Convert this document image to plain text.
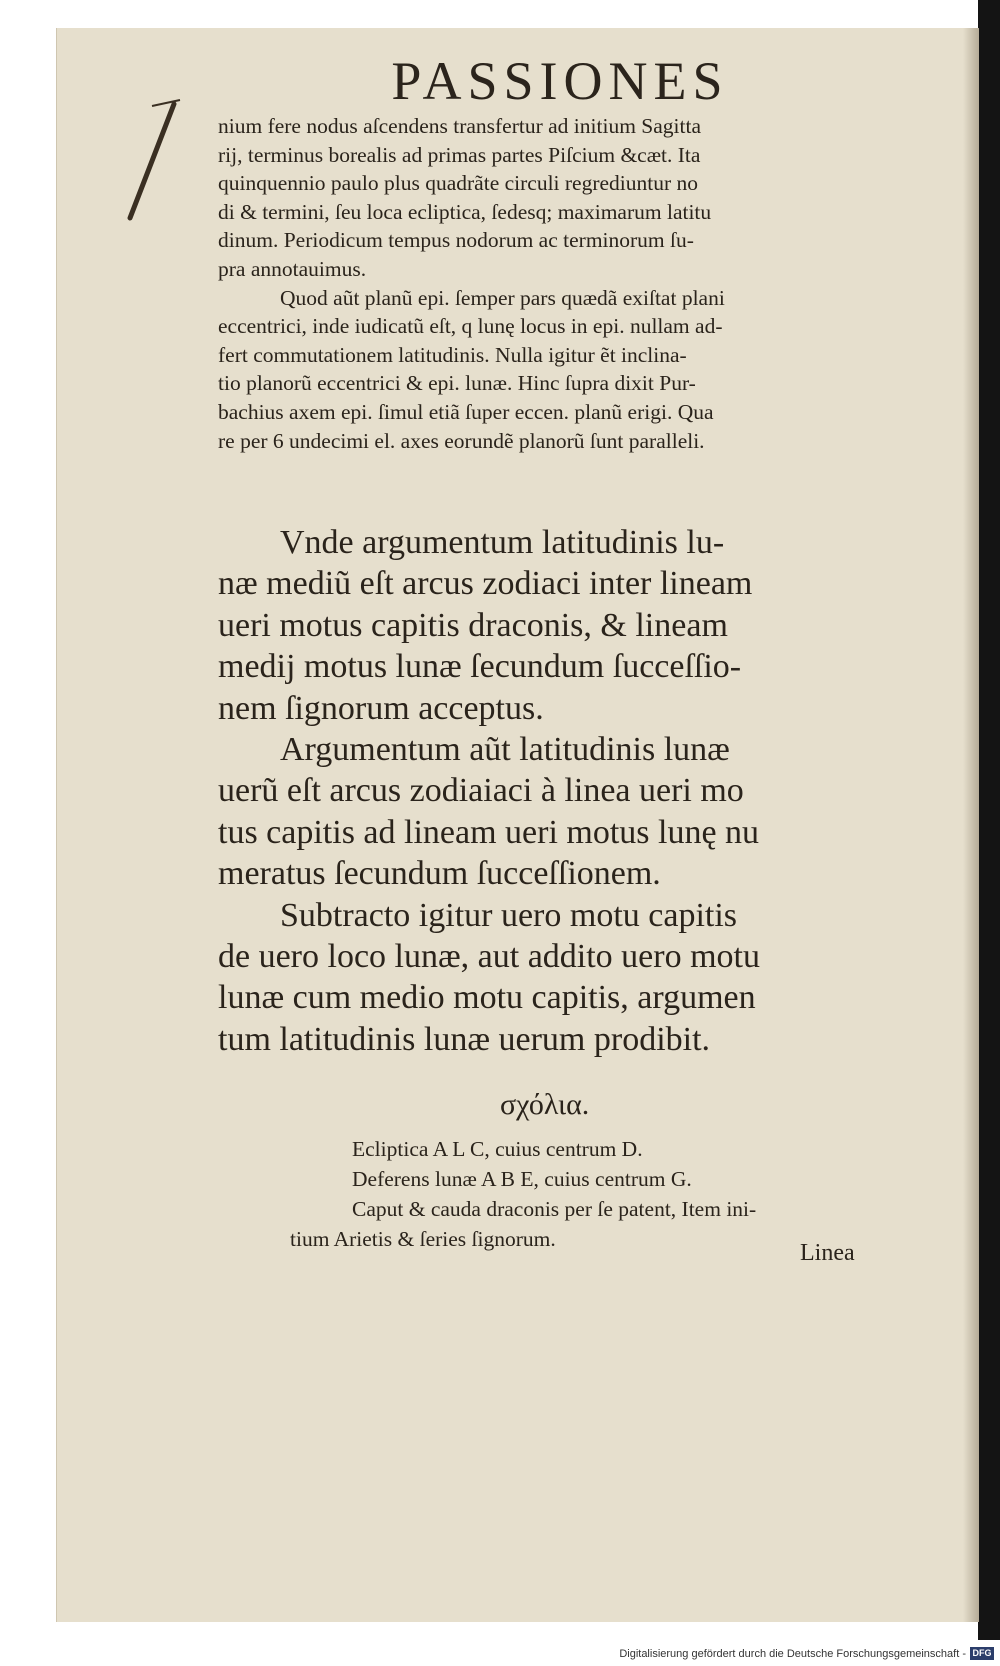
PASSIONES
nium fere nodus aſcendens transfertur ad initium Sagitta
rij, terminus borealis ad primas partes Piſcium &cæt. Ita
quinquennio paulo plus quadrãte circuli regrediuntur no
di & termini, ſeu loca ecliptica, ſedesq; maximarum latitu
dinum. Periodicum tempus nodorum ac terminorum ſu-
pra annotauimus.
Quod aũt planũ epi. ſemper pars quædã exiſtat plani
eccentrici, inde iudicatũ eſt, q lunę locus in epi. nullam ad-
fert commutationem latitudinis. Nulla igitur ẽt inclina-
tio planorũ eccentrici & epi. lunæ. Hinc ſupra dixit Pur-
bachius axem epi. ſimul etiã ſuper eccen. planũ erigi. Qua
re per 6 undecimi el. axes eorundẽ planorũ ſunt paralleli.
Vnde argumentum latitudinis lu-
næ mediũ eſt arcus zodiaci inter lineam
ueri motus capitis draconis, & lineam
medij motus lunæ ſecundum ſucceſſio-
nem ſignorum acceptus.
Argumentum aũt latitudinis lunæ
uerũ eſt arcus zodiaiaci à linea ueri mo
tus capitis ad lineam ueri motus lunę nu
meratus ſecundum ſucceſſionem.
Subtracto igitur uero motu capitis
de uero loco lunæ, aut addito uero motu
lunæ cum medio motu capitis, argumen
tum latitudinis lunæ uerum prodibit.
σχόλια.
Ecliptica A L C, cuius centrum D.
Deferens lunæ A B E, cuius centrum G.
Caput & cauda draconis per ſe patent, Item ini-
tium Arietis & ſeries ſignorum.
Linea
Digitalisierung gefördert durch die Deutsche Forschungsgemeinschaft - DFG
